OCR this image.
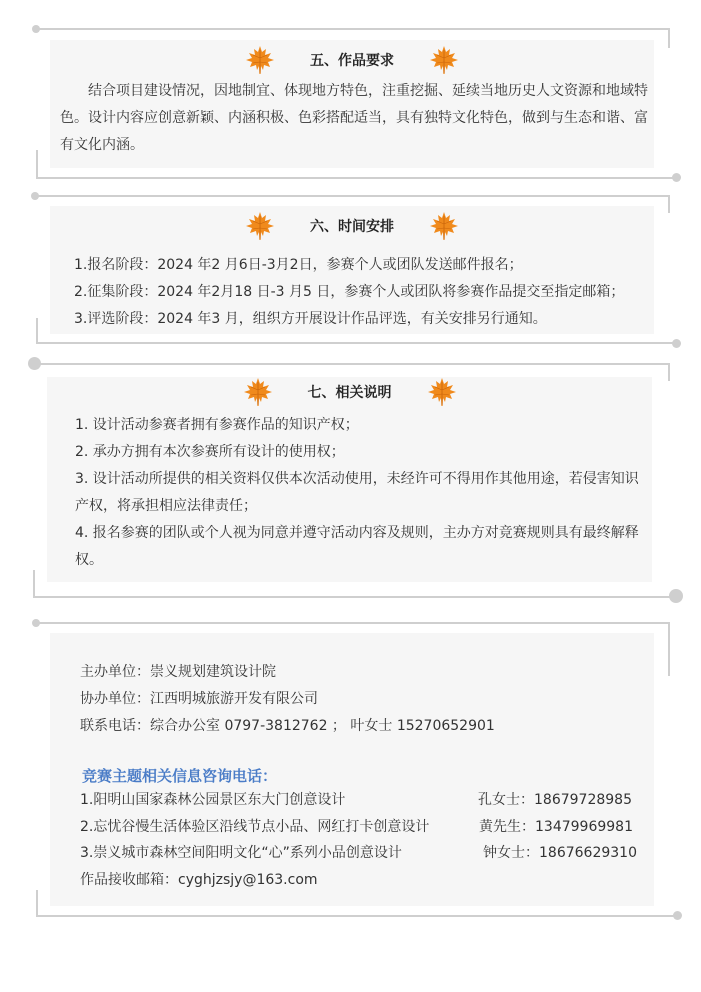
五、作品要求

结合项目建设情况，因地制宜、体现地方特色，注重挖掘、延续当地历史人文资源和地域特色。设计内容应创意新颖、内涵积极、色彩搭配适当，具有独特文化特色，做到与生态和谐、富有文化内涵。

六、时间安排

1.报名阶段：2024 年2 月6日-3月2日，参赛个人或团队发送邮件报名；

2.征集阶段：2024 年2月18 日-3 月5 日，参赛个人或团队将参赛作品提交至指定邮箱；

3.评选阶段：2024 年3 月，组织方开展设计作品评选，有关安排另行通知。

七、相关说明

1. 设计活动参赛者拥有参赛作品的知识产权；

2. 承办方拥有本次参赛所有设计的使用权；

3. 设计活动所提供的相关资料仅供本次活动使用，未经许可不得用作其他用途，若侵害知识产权，将承担相应法律责任；

4. 报名参赛的团队或个人视为同意并遵守活动内容及规则，主办方对竞赛规则具有最终解释权。

主办单位：崇义规划建筑设计院

协办单位：江西明城旅游开发有限公司

联系电话：综合办公室 0797-3812762 ； 叶女士 15270652901

竞赛主题相关信息咨询电话：
1.阳明山国家森林公园景区东大门创意设计	孔女士：18679728985
2.忘忧谷慢生活体验区沿线节点小品、网红打卡创意设计	黄先生：13479969981
3.崇义城市森林空间阳明文化“心”系列小品创意设计	钟女士：18676629310
作品接收邮箱：cyghjzsjy@163.com
